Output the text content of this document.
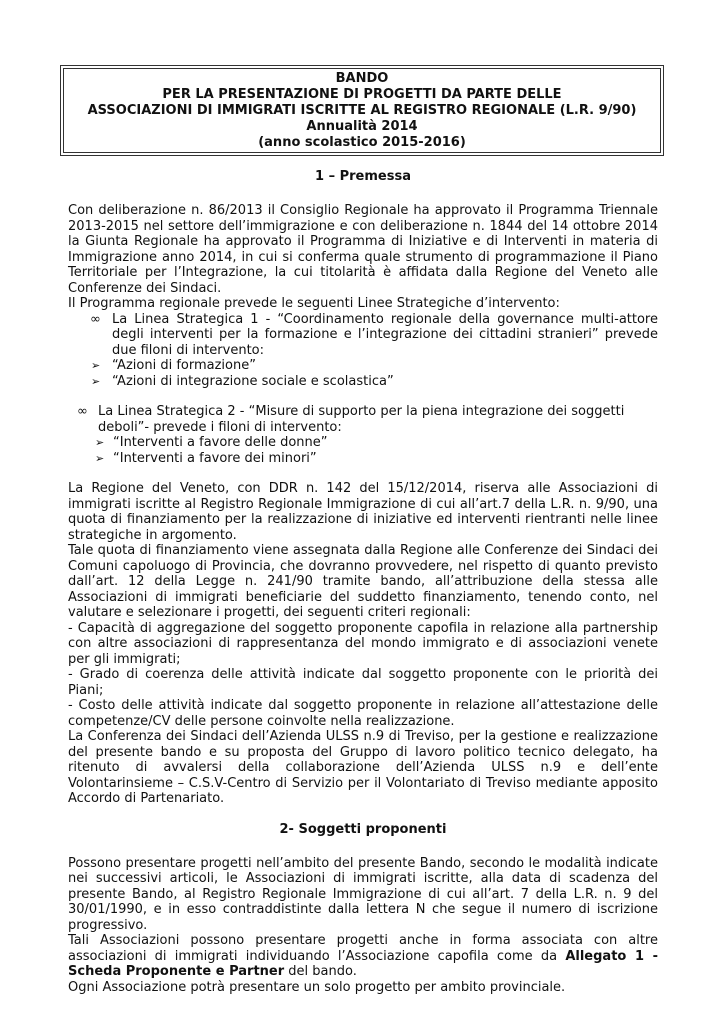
BANDO
PER LA PRESENTAZIONE DI PROGETTI DA PARTE DELLE
ASSOCIAZIONI DI IMMIGRATI ISCRITTE AL REGISTRO REGIONALE (L.R. 9/90)
Annualità 2014
(anno scolastico 2015-2016)
1 – Premessa

Con deliberazione n. 86/2013 il Consiglio Regionale ha approvato il Programma Triennale 2013-2015 nel settore dell’immigrazione e con deliberazione n. 1844 del 14 ottobre 2014 la Giunta Regionale ha approvato il Programma di Iniziative e di Interventi in materia di Immigrazione anno 2014, in cui si conferma quale strumento di programmazione il Piano Territoriale per l’Integrazione, la cui titolarità è affidata dalla Regione del Veneto alle Conferenze dei Sindaci.

Il Programma regionale prevede le seguenti Linee Strategiche d’intervento:

∞ La Linea Strategica 1 - “Coordinamento regionale della governance multi-attore degli interventi per la formazione e l’integrazione dei cittadini stranieri” prevede due filoni di intervento:
➢ “Azioni di formazione”
➢ “Azioni di integrazione sociale e scolastica”
∞ La Linea Strategica 2 - “Misure di supporto per la piena integrazione dei soggetti deboli”- prevede i filoni di intervento:
➢ “Interventi a favore delle donne”
➢ “Interventi a favore dei minori”

La Regione del Veneto, con DDR n. 142 del 15/12/2014, riserva alle Associazioni di immigrati iscritte al Registro Regionale Immigrazione di cui all’art.7 della L.R. n. 9/90, una quota di finanziamento per la realizzazione di iniziative ed interventi rientranti nelle linee strategiche in argomento.

Tale quota di finanziamento viene assegnata dalla Regione alle Conferenze dei Sindaci dei Comuni capoluogo di Provincia, che dovranno provvedere, nel rispetto di quanto previsto dall’art. 12 della Legge n. 241/90 tramite bando, all’attribuzione della stessa alle Associazioni di immigrati beneficiarie del suddetto finanziamento, tenendo conto, nel valutare e selezionare i progetti, dei seguenti criteri regionali:

- Capacità di aggregazione del soggetto proponente capofila in relazione alla partnership con altre associazioni di rappresentanza del mondo immigrato e di associazioni venete per gli immigrati;

- Grado di coerenza delle attività indicate dal soggetto proponente con le priorità dei Piani;

- Costo delle attività indicate dal soggetto proponente in relazione all’attestazione delle competenze/CV delle persone coinvolte nella realizzazione.

La Conferenza dei Sindaci dell’Azienda ULSS n.9 di Treviso, per la gestione e realizzazione del presente bando e su proposta del Gruppo di lavoro politico tecnico delegato, ha ritenuto di avvalersi della collaborazione dell’Azienda ULSS n.9 e dell’ente Volontarinsieme – C.S.V-Centro di Servizio per il Volontariato di Treviso mediante apposito Accordo di Partenariato.

2- Soggetti proponenti

Possono presentare progetti nell’ambito del presente Bando, secondo le modalità indicate nei successivi articoli, le Associazioni di immigrati iscritte, alla data di scadenza del presente Bando, al Registro Regionale Immigrazione di cui all’art. 7 della L.R. n. 9 del 30/01/1990, e in esso contraddistinte dalla lettera N che segue il numero di iscrizione progressivo.

Tali Associazioni possono presentare progetti anche in forma associata con altre associazioni di immigrati individuando l’Associazione capofila come da Allegato 1 - Scheda Proponente e Partner del bando.

Ogni Associazione potrà presentare un solo progetto per ambito provinciale.
